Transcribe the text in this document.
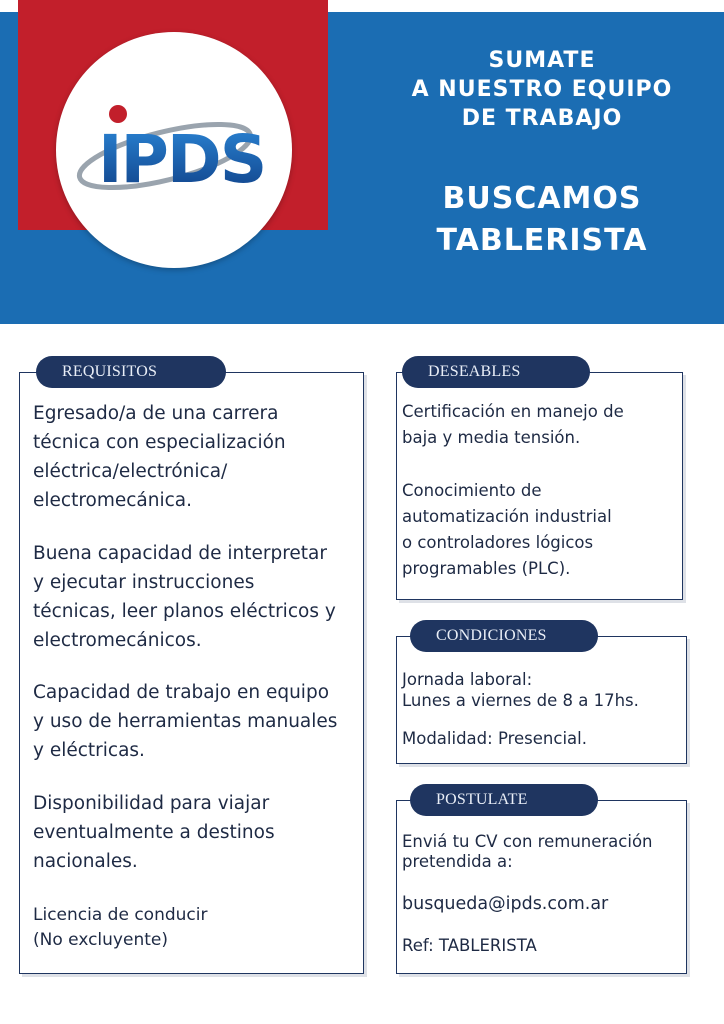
IPDS
SUMATE
A NUESTRO EQUIPO
DE TRABAJO
BUSCAMOS
TABLERISTA
REQUISITOS
Egresado/a de una carrera
técnica con especialización
eléctrica/electrónica/
electromecánica.
Buena capacidad de interpretar
y ejecutar instrucciones
técnicas, leer planos eléctricos y
electromecánicos.
Capacidad de trabajo en equipo
y uso de herramientas manuales
y eléctricas.
Disponibilidad para viajar
eventualmente a destinos
nacionales.
Licencia de conducir
(No excluyente)
DESEABLES
Certificación en manejo de
baja y media tensión.
Conocimiento de
automatización industrial
o controladores lógicos
programables (PLC).
CONDICIONES
Jornada laboral:
Lunes a viernes de 8 a 17hs.
Modalidad: Presencial.
POSTULATE
Enviá tu CV con remuneración
pretendida a:
busqueda@ipds.com.ar
Ref: TABLERISTA
